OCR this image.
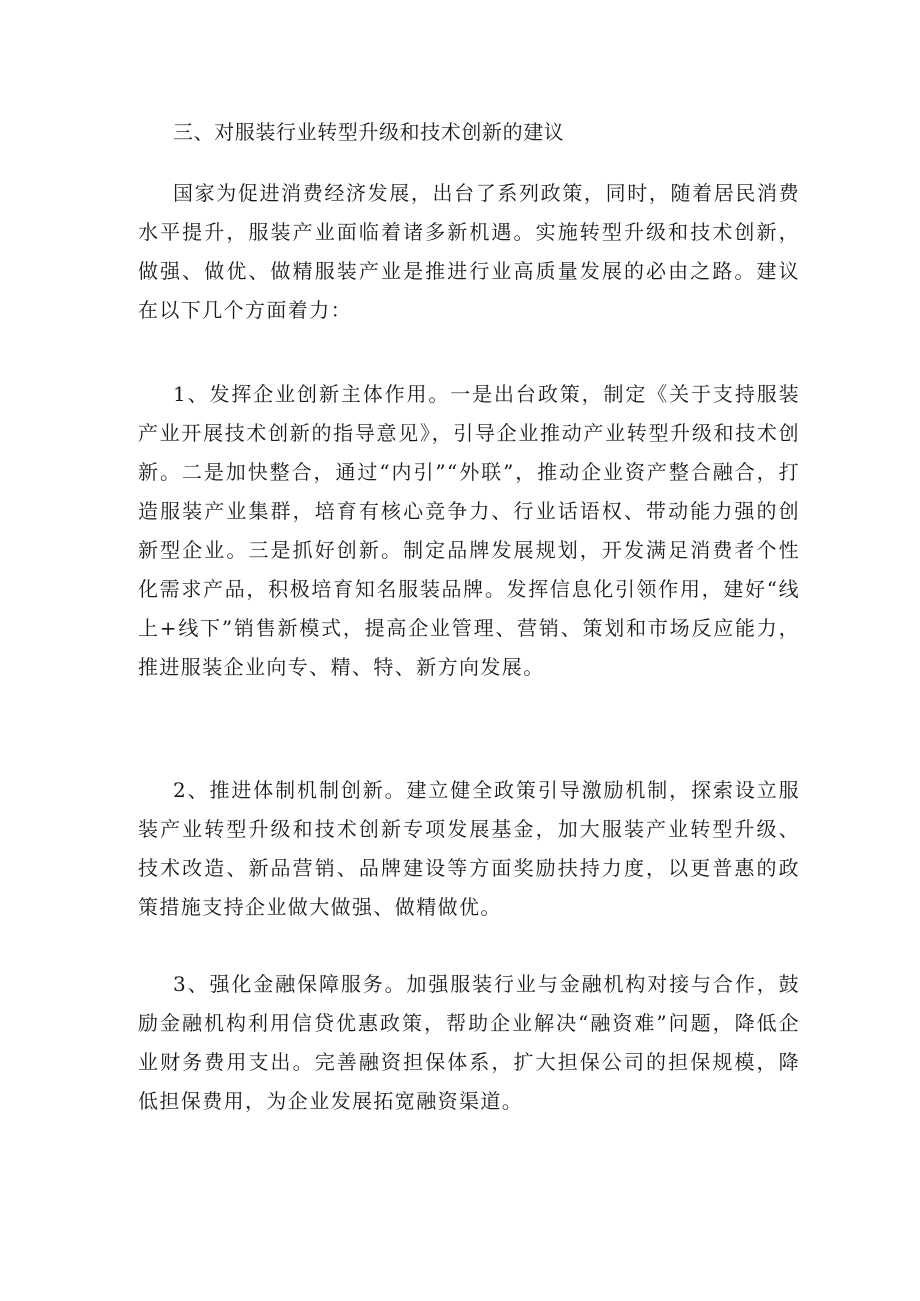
三、对服装行业转型升级和技术创新的建议

国家为促进消费经济发展，出台了系列政策，同时，随着居民消费水平提升，服装产业面临着诸多新机遇。实施转型升级和技术创新，做强、做优、做精服装产业是推进行业高质量发展的必由之路。建议在以下几个方面着力：

1、发挥企业创新主体作用。一是出台政策，制定《关于支持服装产业开展技术创新的指导意见》，引导企业推动产业转型升级和技术创新。二是加快整合，通过“内引”“外联”，推动企业资产整合融合，打造服装产业集群，培育有核心竞争力、行业话语权、带动能力强的创新型企业。三是抓好创新。制定品牌发展规划，开发满足消费者个性化需求产品，积极培育知名服装品牌。发挥信息化引领作用，建好“线上+线下”销售新模式，提高企业管理、营销、策划和市场反应能力，推进服装企业向专、精、特、新方向发展。

2、推进体制机制创新。建立健全政策引导激励机制，探索设立服装产业转型升级和技术创新专项发展基金，加大服装产业转型升级、技术改造、新品营销、品牌建设等方面奖励扶持力度，以更普惠的政策措施支持企业做大做强、做精做优。

3、强化金融保障服务。加强服装行业与金融机构对接与合作，鼓励金融机构利用信贷优惠政策，帮助企业解决“融资难”问题，降低企业财务费用支出。完善融资担保体系，扩大担保公司的担保规模，降低担保费用，为企业发展拓宽融资渠道。
